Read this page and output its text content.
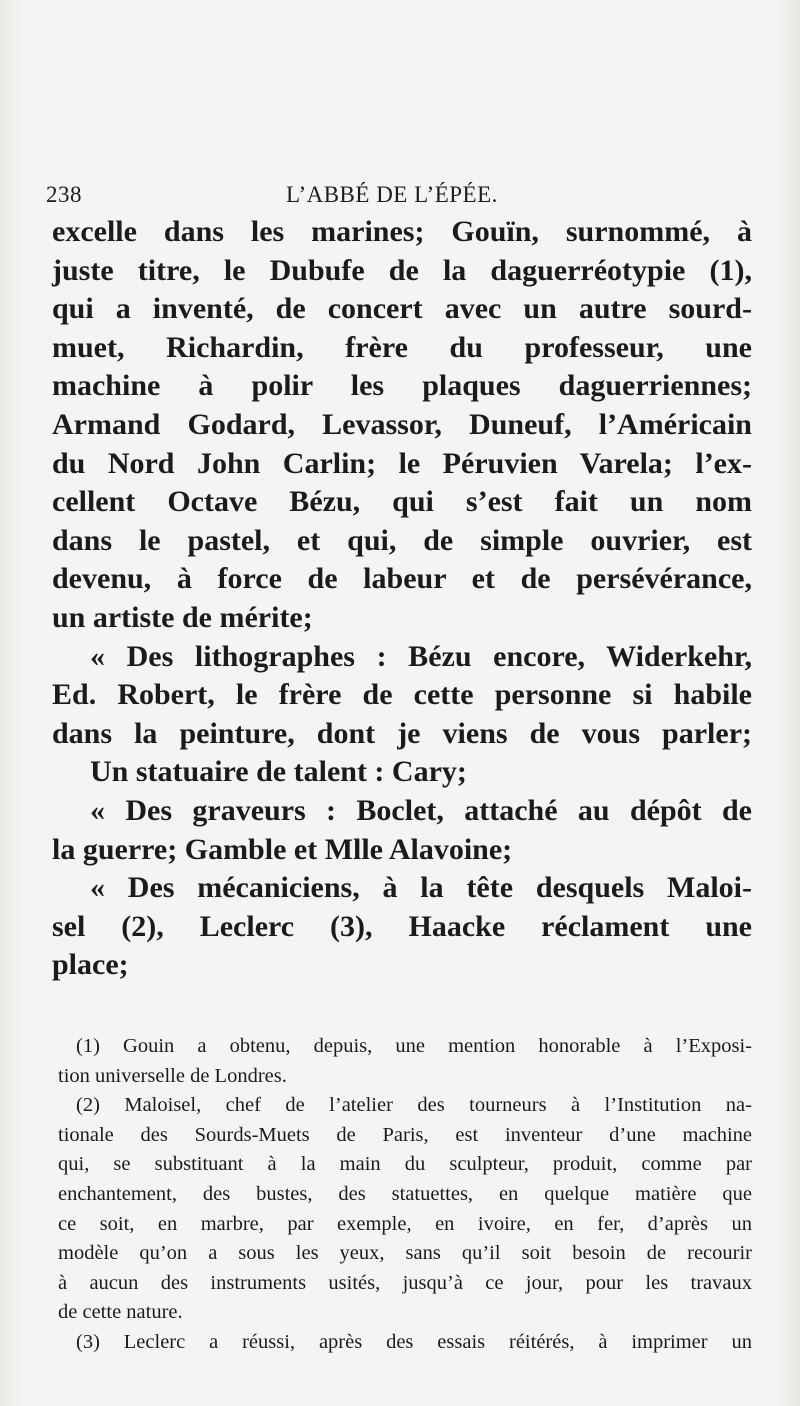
238	L’ABBÉ DE L’ÉPÉE.
excelle dans les marines; Gouïn, surnommé, à
juste titre, le Dubufe de la daguerréotypie (1),
qui a inventé, de concert avec un autre sourd-
muet, Richardin, frère du professeur, une
machine à polir les plaques daguerriennes;
Armand Godard, Levassor, Duneuf, l’Américain
du Nord John Carlin; le Péruvien Varela; l’ex-
cellent Octave Bézu, qui s’est fait un nom
dans le pastel, et qui, de simple ouvrier, est
devenu, à force de labeur et de persévérance,
un artiste de mérite;
« Des lithographes : Bézu encore, Widerkehr,
Ed. Robert, le frère de cette personne si habile
dans la peinture, dont je viens de vous parler;
Un statuaire de talent : Cary;
« Des graveurs : Boclet, attaché au dépôt de
la guerre; Gamble et Mlle Alavoine;
« Des mécaniciens, à la tête desquels Maloi-
sel (2), Leclerc (3), Haacke réclament une
place;
(1) Gouin a obtenu, depuis, une mention honorable à l’Exposi-
tion universelle de Londres.
(2) Maloisel, chef de l’atelier des tourneurs à l’Institution na-
tionale des Sourds-Muets de Paris, est inventeur d’une machine
qui, se substituant à la main du sculpteur, produit, comme par
enchantement, des bustes, des statuettes, en quelque matière que
ce soit, en marbre, par exemple, en ivoire, en fer, d’après un
modèle qu’on a sous les yeux, sans qu’il soit besoin de recourir
à aucun des instruments usités, jusqu’à ce jour, pour les travaux
de cette nature.
(3) Leclerc a réussi, après des essais réitérés, à imprimer un
